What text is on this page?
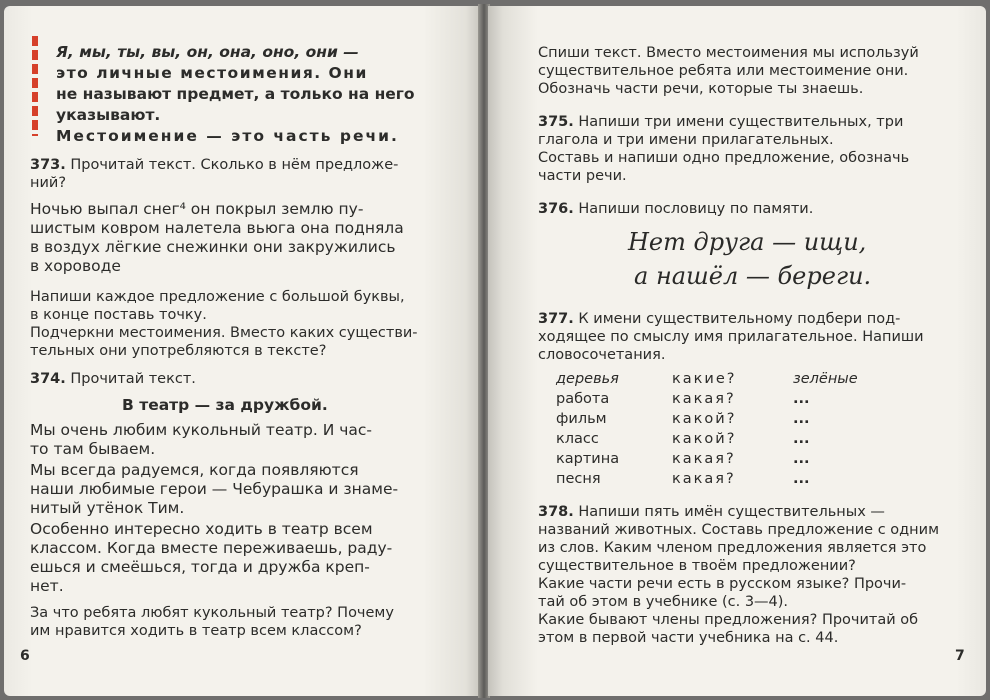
Я, мы, ты, вы, он, она, оно, они —
это личные местоимения. Они
не называют предмет, а только на него
указывают.
Местоимение — это часть речи.
373. Прочитай текст. Сколько в нём предложе-
ний?
Ночью выпал снег⁴ он покрыл землю пу-
шистым ковром налетела вьюга она подняла
в воздух лёгкие снежинки они закружились
в хороводе
Напиши каждое предложение с большой буквы,
в конце поставь точку.
Подчеркни местоимения. Вместо каких существи-
тельных они употребляются в тексте?
374. Прочитай текст.
В театр — за дружбой.
Мы очень любим кукольный театр. И час-
то там бываем.
Мы всегда радуемся, когда появляются
наши любимые герои — Чебурашка и знаме-
нитый утёнок Тим.
Особенно интересно ходить в театр всем
классом. Когда вместе переживаешь, раду-
ешься и смеёшься, тогда и дружба креп-
нет.
За что ребята любят кукольный театр? Почему
им нравится ходить в театр всем классом?
6
Спиши текст. Вместо местоимения мы используй
существительное ребята или местоимение они.
Обозначь части речи, которые ты знаешь.
375. Напиши три имени существительных, три
глагола и три имени прилагательных.
Составь и напиши одно предложение, обозначь
части речи.
376. Напиши пословицу по памяти.
Нет друга — ищи,
а нашёл — береги.
377. К имени существительному подбери под-
ходящее по смыслу имя прилагательное. Напиши
словосочетания.
деревья	какие?	зелёные
работа	какая?	...
фильм	какой?	...
класс	какой?	...
картина	какая?	...
песня	какая?	...
378. Напиши пять имён существительных —
названий животных. Составь предложение с одним
из слов. Каким членом предложения является это
существительное в твоём предложении?
Какие части речи есть в русском языке? Прочи-
тай об этом в учебнике (с. 3—4).
Какие бывают члены предложения? Прочитай об
этом в первой части учебника на с. 44.
7
